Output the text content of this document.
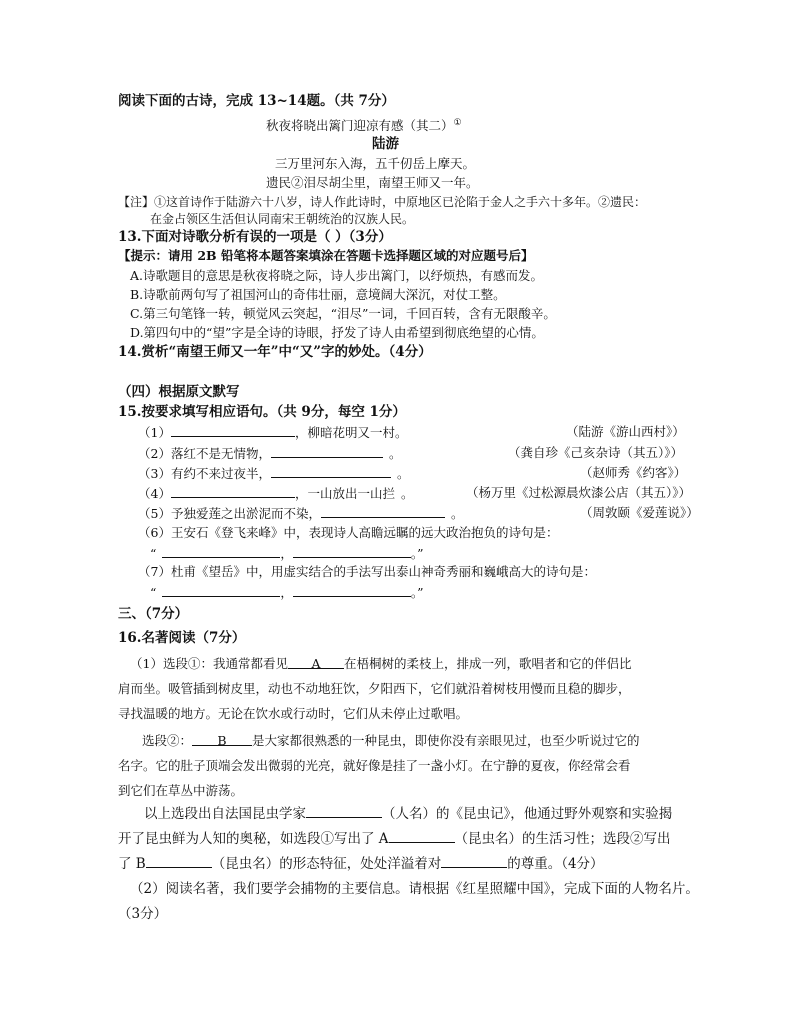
阅读下面的古诗，完成 13~14题。（共 7分）
秋夜将晓出篱门迎凉有感（其二）①
陆游
三万里河东入海，五千仞岳上摩天。
遗民②泪尽胡尘里，南望王师又一年。
【注】①这首诗作于陆游六十八岁，诗人作此诗时，中原地区已沦陷于金人之手六十多年。②遗民：
在金占领区生活但认同南宋王朝统治的汉族人民。
13.下面对诗歌分析有误的一项是（ ）（3分）
【提示：请用 2B 铅笔将本题答案填涂在答题卡选择题区域的对应题号后】
A.诗歌题目的意思是秋夜将晓之际，诗人步出篱门，以纾烦热，有感而发。
B.诗歌前两句写了祖国河山的奇伟壮丽，意境阔大深沉，对仗工整。
C.第三句笔锋一转，顿觉风云突起，“泪尽”一词，千回百转，含有无限酸辛。
D.第四句中的“望”字是全诗的诗眼，抒发了诗人由希望到彻底绝望的心情。
14.赏析“南望王师又一年”中“又”字的妙处。（4分）
（四）根据原文默写
15.按要求填写相应语句。（共 9分，每空 1分）
（1）	，柳暗花明又一村。	（陆游《游山西村》）
（2）落红不是无情物，	。	（龚自珍《己亥杂诗（其五）》）
（3）有约不来过夜半，	。	（赵师秀《约客》）
（4）	，一山放出一山拦 。	（杨万里《过松源晨炊漆公店（其五）》）
（5）予独爱莲之出淤泥而不染，	。	（周敦颐《爱莲说》）
（6）王安石《登飞来峰》中，表现诗人高瞻远瞩的远大政治抱负的诗句是：
“	，	。”
（7）杜甫《望岳》中，用虚实结合的手法写出泰山神奇秀丽和巍峨高大的诗句是：
“	，	。”
三、（7分）
16.名著阅读（7分）
（1）选段①：我通常都看见 A 在梧桐树的柔枝上，排成一列，歌唱者和它的伴侣比
肩而坐。吸管插到树皮里，动也不动地狂饮，夕阳西下，它们就沿着树枝用慢而且稳的脚步，
寻找温暖的地方。无论在饮水或行动时，它们从未停止过歌唱。
选段②： B 是大家都很熟悉的一种昆虫，即使你没有亲眼见过，也至少听说过它的
名字。它的肚子顶端会发出微弱的光亮，就好像是挂了一盏小灯。在宁静的夏夜，你经常会看
到它们在草丛中游荡。
以上选段出自法国昆虫学家	（人名）的《昆虫记》，他通过野外观察和实验揭
开了昆虫鲜为人知的奥秘，如选段①写出了 A	（昆虫名）的生活习性；选段②写出
了 B	（昆虫名）的形态特征，处处洋溢着对	的尊重。（4分）
（2）阅读名著，我们要学会捕物的主要信息。请根据《红星照耀中国》，完成下面的人物名片。
（3分）
